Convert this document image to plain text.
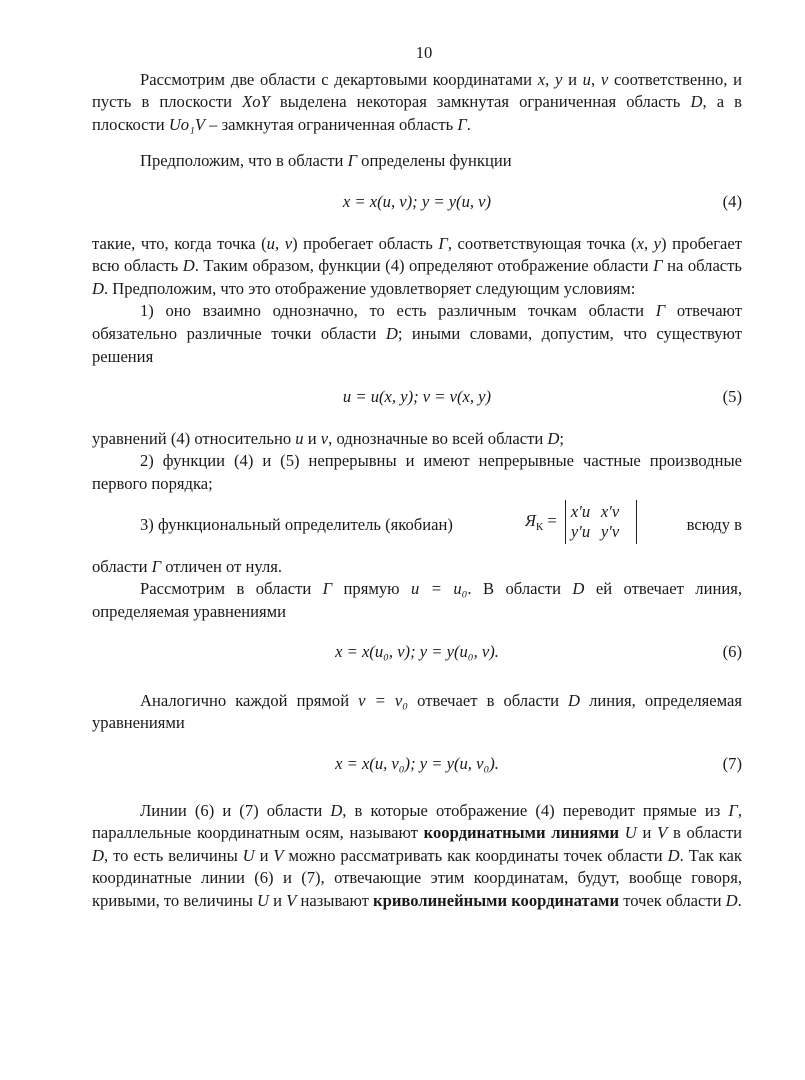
10

Рассмотрим две области с декартовыми координатами x, y и u, v соответственно, и пусть в плоскости XoY выделена некоторая замкнутая ограниченная область D, а в плоскости Uo₁V – замкнутая ограниченная область Γ.

Предположим, что в области Γ определены функции

x = x(u, v); y = y(u, v)	(4)

такие, что, когда точка (u, v) пробегает область Γ, соответствующая точка (x, y) пробегает всю область D. Таким образом, функции (4) определяют отображение области Γ на область D. Предположим, что это отображение удовлетворяет следующим условиям:

1) оно взаимно однозначно, то есть различным точкам области Γ отвечают обязательно различные точки области D; иными словами, допустим, что существуют решения

u = u(x, y); v = v(x, y)	(5)

уравнений (4) относительно u и v, однозначные во всей области D;

2) функции (4) и (5) непрерывны и имеют непрерывные частные производные первого порядка;

3) функциональный определитель (якобиан)	$Я_К = x'u$ x′v
y′u y′v	всюду в

области Γ отличен от нуля.

Рассмотрим в области Γ прямую u = u₀. В области D ей отвечает линия, определяемая уравнениями

x = x(u₀, v); y = y(u₀, v).	(6)

Аналогично каждой прямой v = v₀ отвечает в области D линия, определяемая уравнениями

x = x(u, v₀); y = y(u, v₀).	(7)

Линии (6) и (7) области D, в которые отображение (4) переводит прямые из Γ, параллельные координатным осям, называют координатными линиями U и V в области D, то есть величины U и V можно рассматривать как координаты точек области D. Так как координатные линии (6) и (7), отвечающие этим координатам, будут, вообще говоря, кривыми, то величины U и V называют криволинейными координатами точек области D.
